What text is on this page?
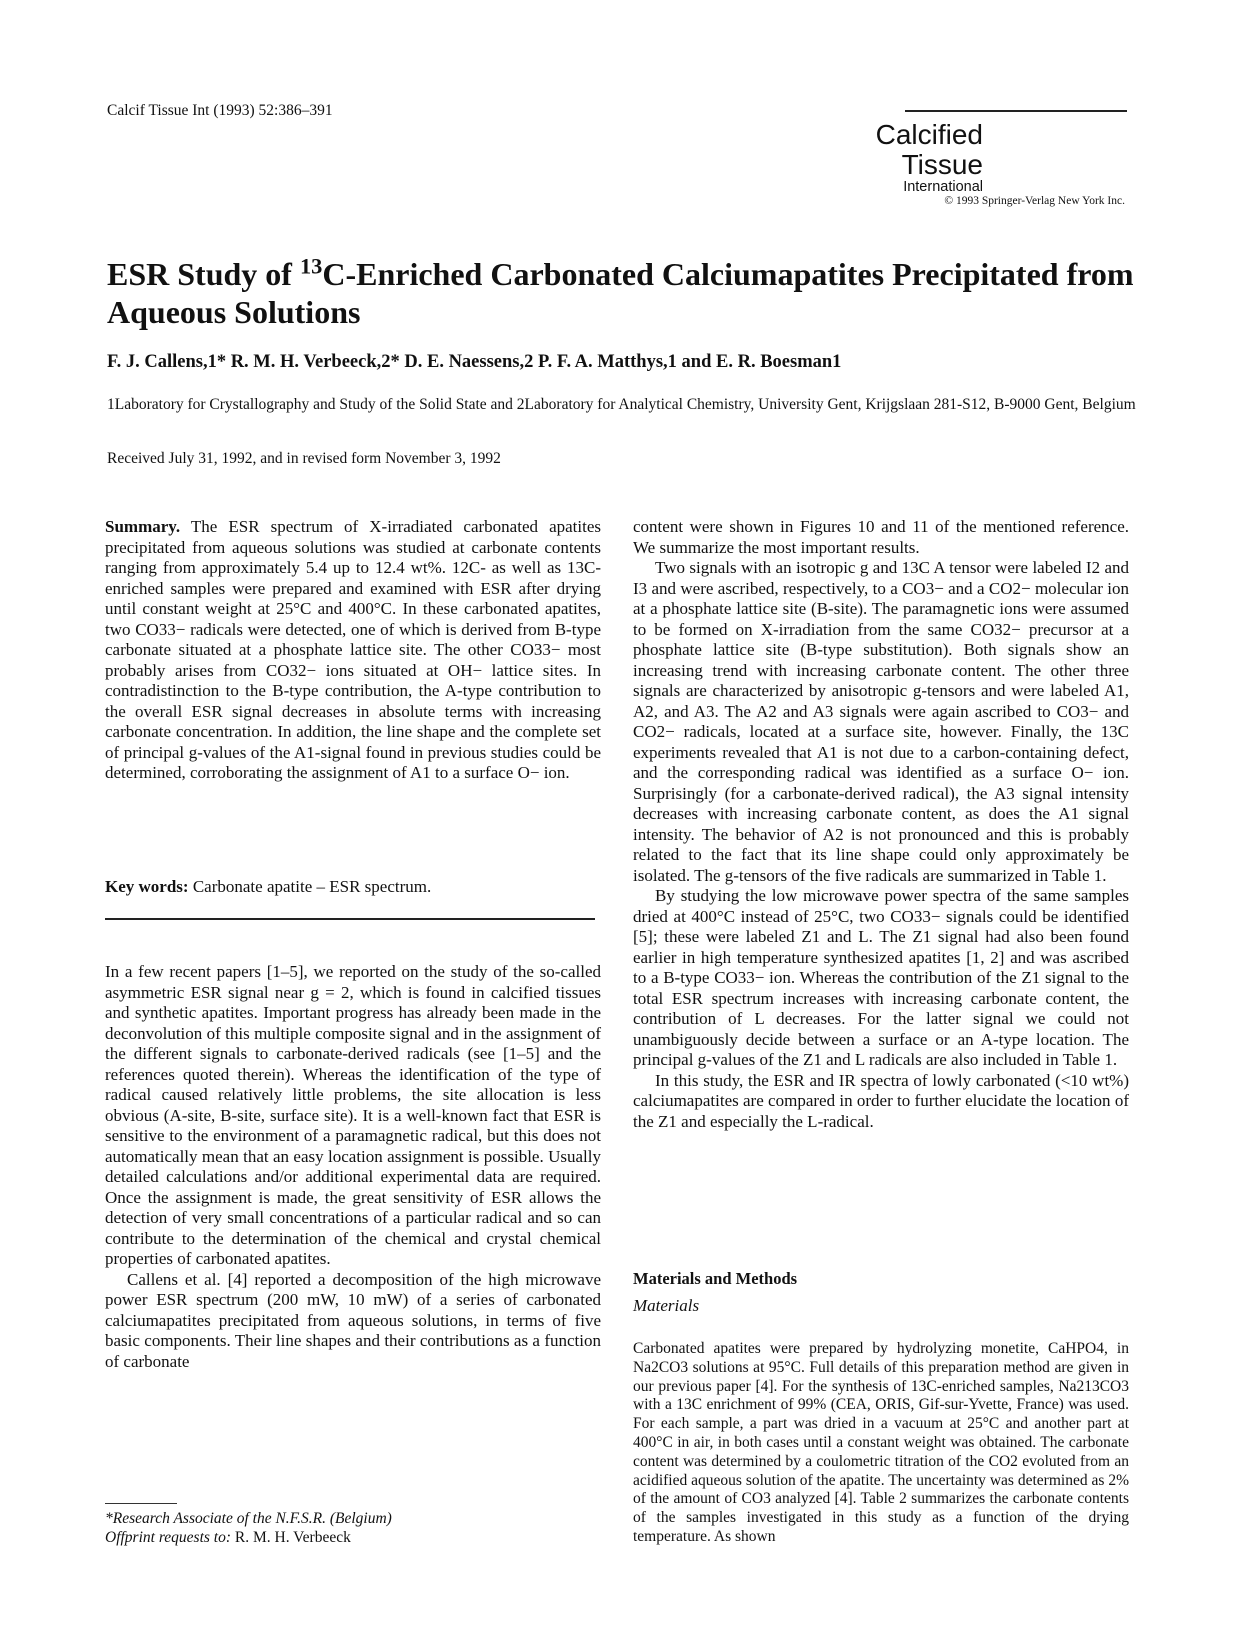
Calcif Tissue Int (1993) 52:386–391
Calcified
Tissue
International
© 1993 Springer-Verlag New York Inc.
ESR Study of $^{13}$C-Enriched Carbonated Calciumapatites Precipitated from Aqueous Solutions
F. J. Callens,1* R. M. H. Verbeeck,2* D. E. Naessens,2 P. F. A. Matthys,1 and E. R. Boesman1
1Laboratory for Crystallography and Study of the Solid State and 2Laboratory for Analytical Chemistry, University Gent, Krijgslaan 281-S12, B-9000 Gent, Belgium
Received July 31, 1992, and in revised form November 3, 1992

Summary. The ESR spectrum of X-irradiated carbonated apatites precipitated from aqueous solutions was studied at carbonate contents ranging from approximately 5.4 up to 12.4 wt%. 12C- as well as 13C-enriched samples were prepared and examined with ESR after drying until constant weight at 25°C and 400°C. In these carbonated apatites, two CO33− radicals were detected, one of which is derived from B-type carbonate situated at a phosphate lattice site. The other CO33− most probably arises from CO32− ions situated at OH− lattice sites. In contradistinction to the B-type contribution, the A-type contribution to the overall ESR signal decreases in absolute terms with increasing carbonate concentration. In addition, the line shape and the complete set of principal g-values of the A1-signal found in previous studies could be determined, corroborating the assignment of A1 to a surface O− ion.

Key words: Carbonate apatite – ESR spectrum.

In a few recent papers [1–5], we reported on the study of the so-called asymmetric ESR signal near g = 2, which is found in calcified tissues and synthetic apatites. Important progress has already been made in the deconvolution of this multiple composite signal and in the assignment of the different signals to carbonate-derived radicals (see [1–5] and the references quoted therein). Whereas the identification of the type of radical caused relatively little problems, the site allocation is less obvious (A-site, B-site, surface site). It is a well-known fact that ESR is sensitive to the environment of a paramagnetic radical, but this does not automatically mean that an easy location assignment is possible. Usually detailed calculations and/or additional experimental data are required. Once the assignment is made, the great sensitivity of ESR allows the detection of very small concentrations of a particular radical and so can contribute to the determination of the chemical and crystal chemical properties of carbonated apatites.

Callens et al. [4] reported a decomposition of the high microwave power ESR spectrum (200 mW, 10 mW) of a series of carbonated calciumapatites precipitated from aqueous solutions, in terms of five basic components. Their line shapes and their contributions as a function of carbonate

*Research Associate of the N.F.S.R. (Belgium)
Offprint requests to: R. M. H. Verbeeck

content were shown in Figures 10 and 11 of the mentioned reference. We summarize the most important results.

Two signals with an isotropic g and 13C A tensor were labeled I2 and I3 and were ascribed, respectively, to a CO3− and a CO2− molecular ion at a phosphate lattice site (B-site). The paramagnetic ions were assumed to be formed on X-irradiation from the same CO32− precursor at a phosphate lattice site (B-type substitution). Both signals show an increasing trend with increasing carbonate content. The other three signals are characterized by anisotropic g-tensors and were labeled A1, A2, and A3. The A2 and A3 signals were again ascribed to CO3− and CO2− radicals, located at a surface site, however. Finally, the 13C experiments revealed that A1 is not due to a carbon-containing defect, and the corresponding radical was identified as a surface O− ion. Surprisingly (for a carbonate-derived radical), the A3 signal intensity decreases with increasing carbonate content, as does the A1 signal intensity. The behavior of A2 is not pronounced and this is probably related to the fact that its line shape could only approximately be isolated. The g-tensors of the five radicals are summarized in Table 1.

By studying the low microwave power spectra of the same samples dried at 400°C instead of 25°C, two CO33− signals could be identified [5]; these were labeled Z1 and L. The Z1 signal had also been found earlier in high temperature synthesized apatites [1, 2] and was ascribed to a B-type CO33− ion. Whereas the contribution of the Z1 signal to the total ESR spectrum increases with increasing carbonate content, the contribution of L decreases. For the latter signal we could not unambiguously decide between a surface or an A-type location. The principal g-values of the Z1 and L radicals are also included in Table 1.

In this study, the ESR and IR spectra of lowly carbonated (<10 wt%) calciumapatites are compared in order to further elucidate the location of the Z1 and especially the L-radical.

Materials and Methods
Materials

Carbonated apatites were prepared by hydrolyzing monetite, CaHPO4, in Na2CO3 solutions at 95°C. Full details of this preparation method are given in our previous paper [4]. For the synthesis of 13C-enriched samples, Na213CO3 with a 13C enrichment of 99% (CEA, ORIS, Gif-sur-Yvette, France) was used. For each sample, a part was dried in a vacuum at 25°C and another part at 400°C in air, in both cases until a constant weight was obtained. The carbonate content was determined by a coulometric titration of the CO2 evoluted from an acidified aqueous solution of the apatite. The uncertainty was determined as 2% of the amount of CO3 analyzed [4]. Table 2 summarizes the carbonate contents of the samples investigated in this study as a function of the drying temperature. As shown
